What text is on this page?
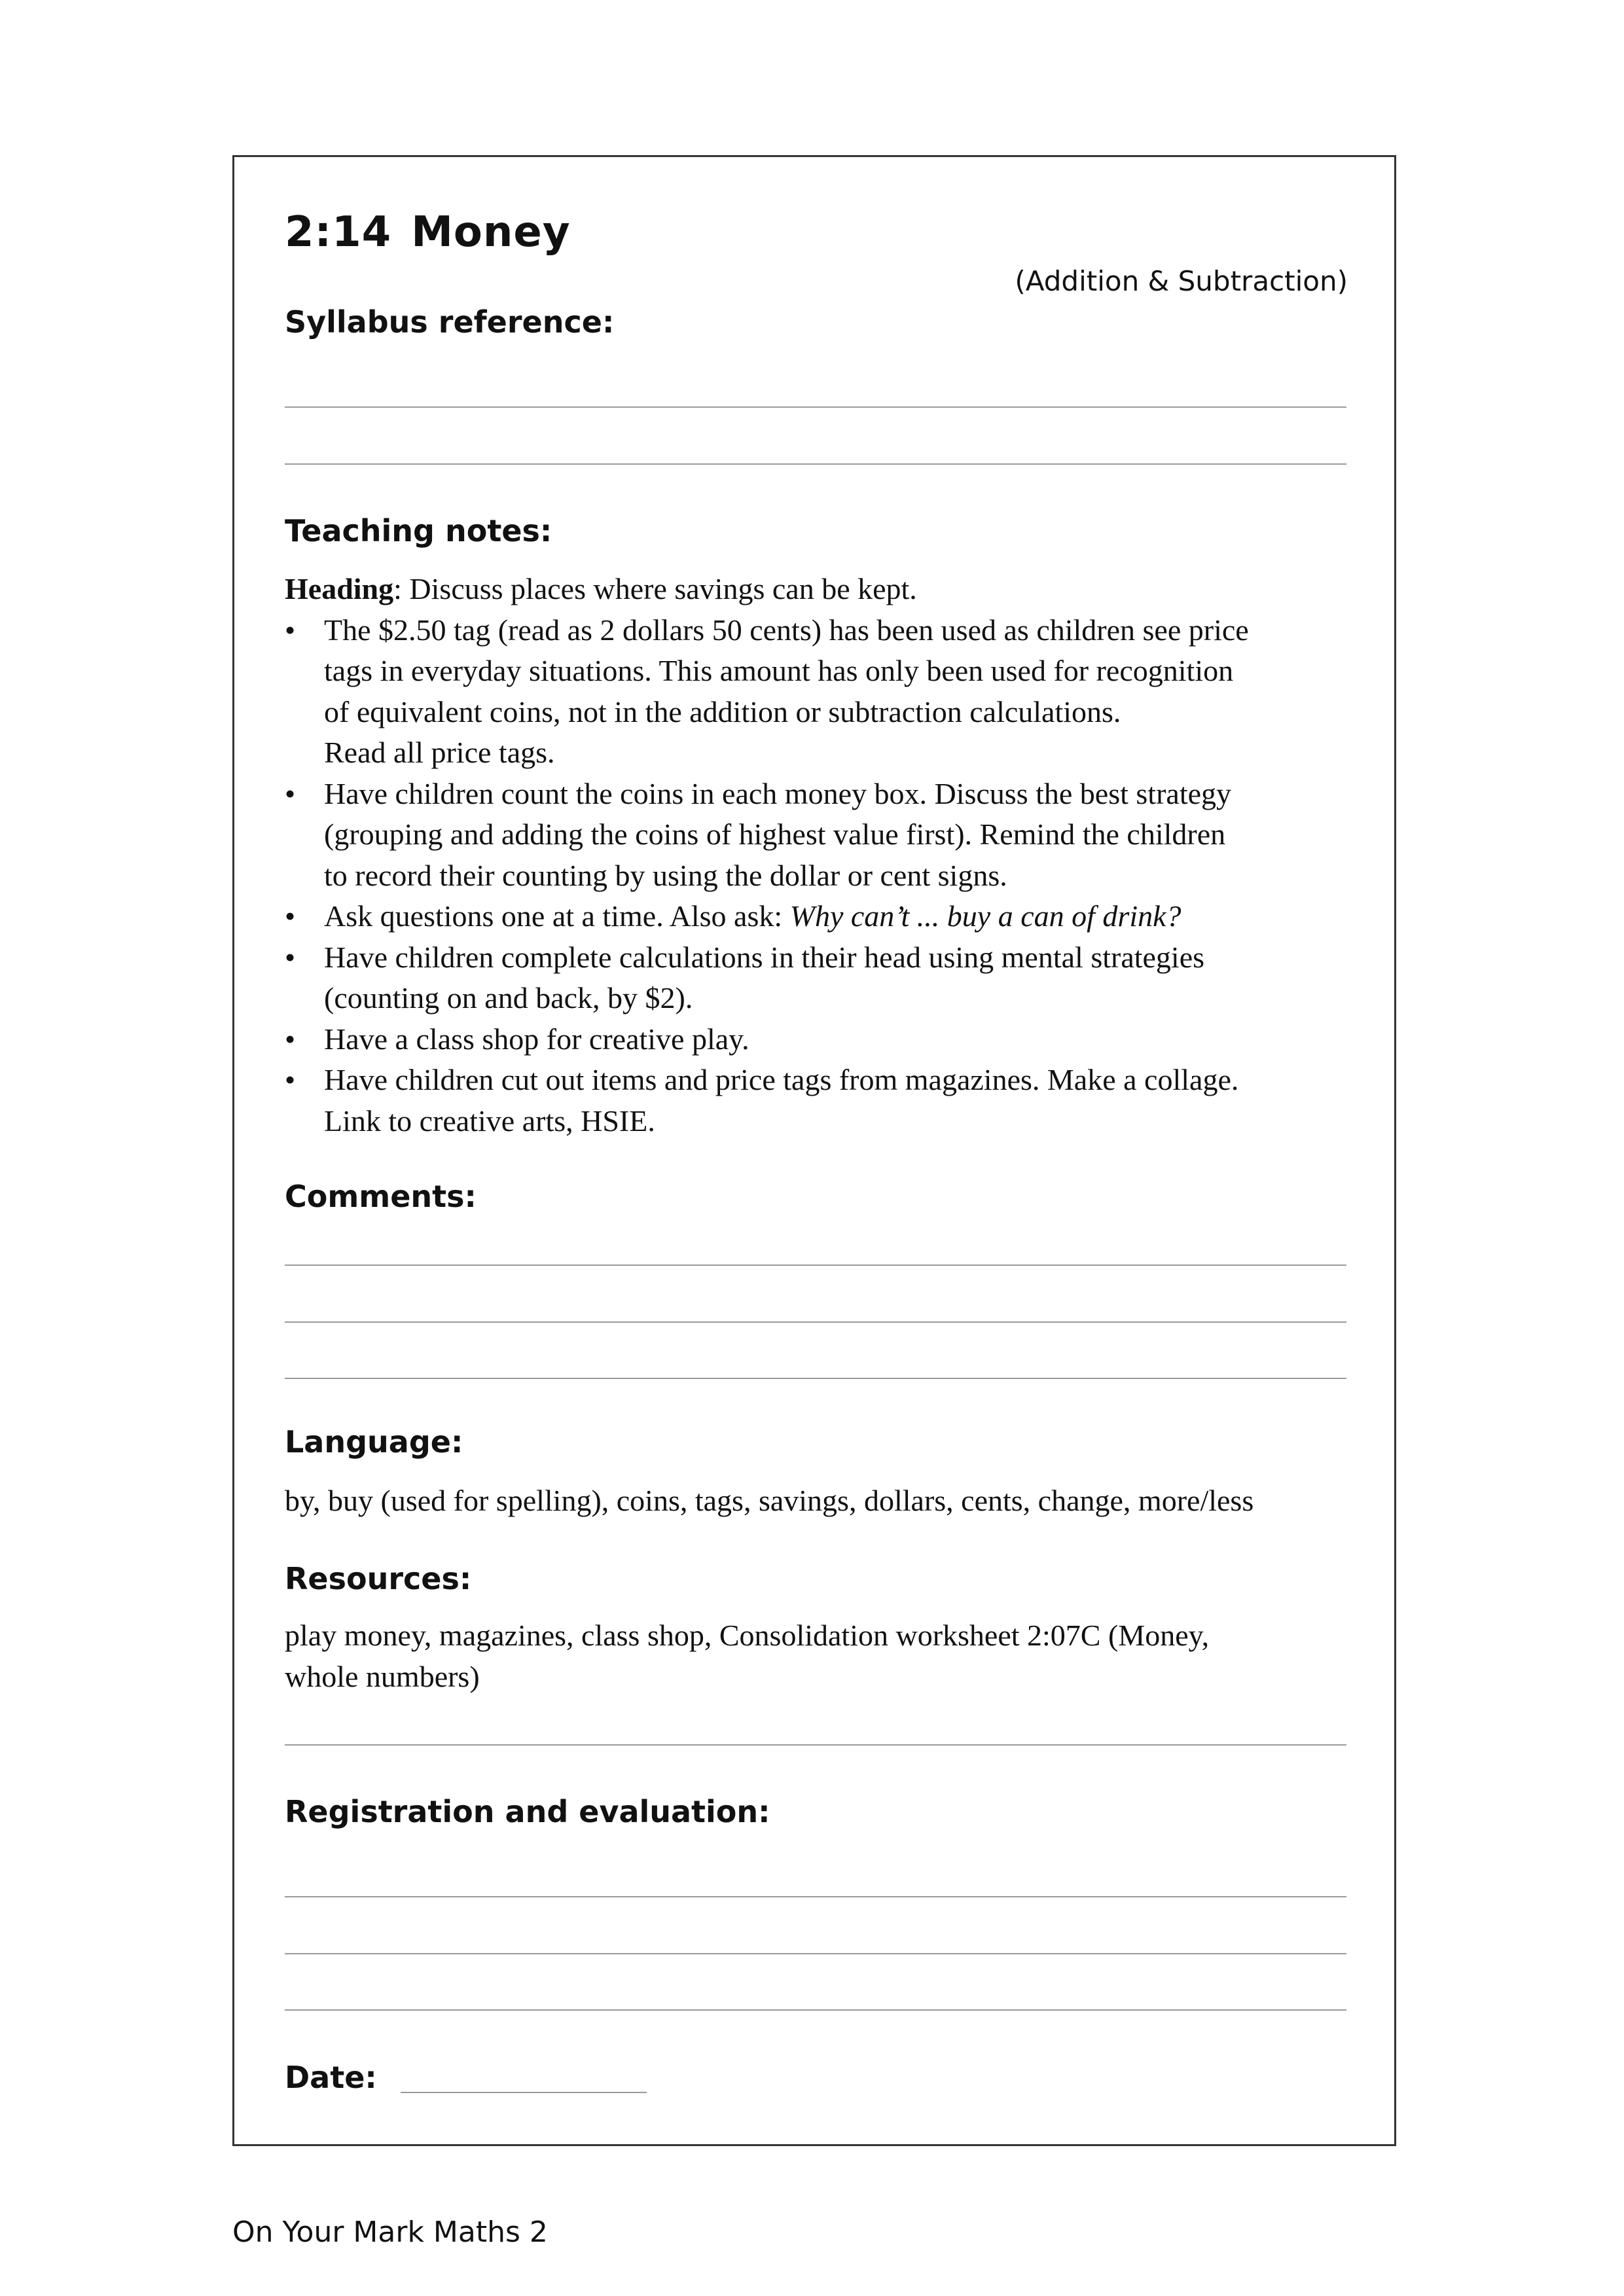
2:14 Money
(Addition & Subtraction)
Syllabus reference:
Teaching notes:

Heading: Discuss places where savings can be kept.

• The $2.50 tag (read as 2 dollars 50 cents) has been used as children see price
tags in everyday situations. This amount has only been used for recognition
of equivalent coins, not in the addition or subtraction calculations.
Read all price tags.
• Have children count the coins in each money box. Discuss the best strategy
(grouping and adding the coins of highest value first). Remind the children
to record their counting by using the dollar or cent signs.
• Ask questions one at a time. Also ask: Why can’t ... buy a can of drink?
• Have children complete calculations in their head using mental strategies
(counting on and back, by $2).
• Have a class shop for creative play.
• Have children cut out items and price tags from magazines. Make a collage.
Link to creative arts, HSIE.
Comments:
Language:
by, buy (used for spelling), coins, tags, savings, dollars, cents, change, more/less
Resources:
play money, magazines, class shop, Consolidation worksheet 2:07C (Money,
whole numbers)
Registration and evaluation:
Date:
On Your Mark Maths 2
